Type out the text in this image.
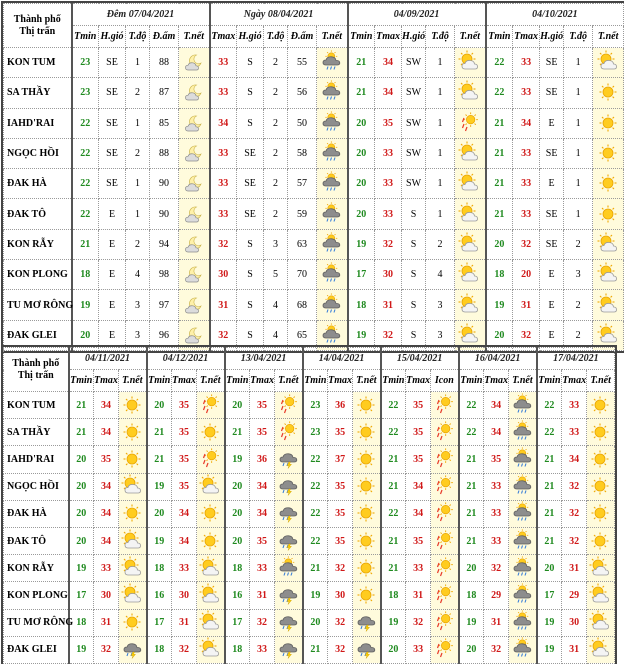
Thành phố
Thị trấn	Đêm 07/04/2021					Ngày 08/04/2021					04/09/2021					04/10/2021				
	Tmin	H.gió	T.độ	Đ.ẩm	T.nết	Tmax	H.gió	T.độ	Đ.ẩm	T.nết	Tmin	Tmax	H.gió	T.độ	T.nết	Tmin	Tmax	H.gió	T.độ	T.nết
KON TUM	23	SE	1	88		33	S	2	55		21	34	SW	1		22	33	SE	1	

SA THẦY	23	SE	2	87		33	S	2	56		21	34	SW	1		22	33	SE	1	

IAHD'RAI	22	SE	1	85		34	S	2	50		20	35	SW	1		21	34	E	1	

NGỌC HỒI	22	SE	2	88		33	SE	2	58		20	33	SW	1		21	33	SE	1	

ĐAK HÀ	22	SE	1	90		33	SE	2	57		20	33	SW	1		21	33	E	1	

ĐAK TÔ	22	E	1	90		33	SE	2	59		20	33	S	1		21	33	SE	1	

KON RẪY	21	E	2	94		32	S	3	63		19	32	S	2		20	32	SE	2	

KON PLONG	18	E	4	98		30	S	5	70		17	30	S	4		18	20	E	3	

TU MƠ RÔNG	19	E	3	97		31	S	4	68		18	31	S	3		19	31	E	2	

ĐAK GLEI	20	E	3	96		32	S	4	65		19	32	S	3		20	32	E	2	
Thành phố
Thị trấn	04/11/2021			04/12/2021			13/04/2021			14/04/2021			15/04/2021			16/04/2021			17/04/2021		
	Tmin	Tmax	T.nết	Tmin	Tmax	T.nết	Tmin	Tmax	T.nết	Tmin	Tmax	T.nết	Tmin	Tmax	Icon	Tmin	Tmax	T.nết	Tmin	Tmax	T.nết
KON TUM	21	34		20	35		20	35		23	36		22	35		22	34		22	33	

SA THẦY	21	34		21	35		21	35		23	35		22	35		22	34		22	33	

IAHD'RAI	20	35		21	35		19	36		22	37		21	35		21	35		21	34	

NGỌC HỒI	20	34		19	35		20	34		22	35		21	34		21	33		21	32	

ĐAK HÀ	20	34		20	34		20	34		22	35		22	34		21	33		21	32	

ĐAK TÔ	20	34		19	34		20	35		22	35		21	35		21	33		21	32	

KON RẪY	19	33		18	33		18	33		21	32		21	33		20	32		20	31	

KON PLONG	17	30		16	30		16	31		19	30		18	31		18	29		17	29	

TU MƠ RÔNG	18	31		17	31		17	32		20	32		19	32		19	31		19	30	

ĐAK GLEI	19	32		18	32		18	33		21	32		20	33		20	32		19	31	
